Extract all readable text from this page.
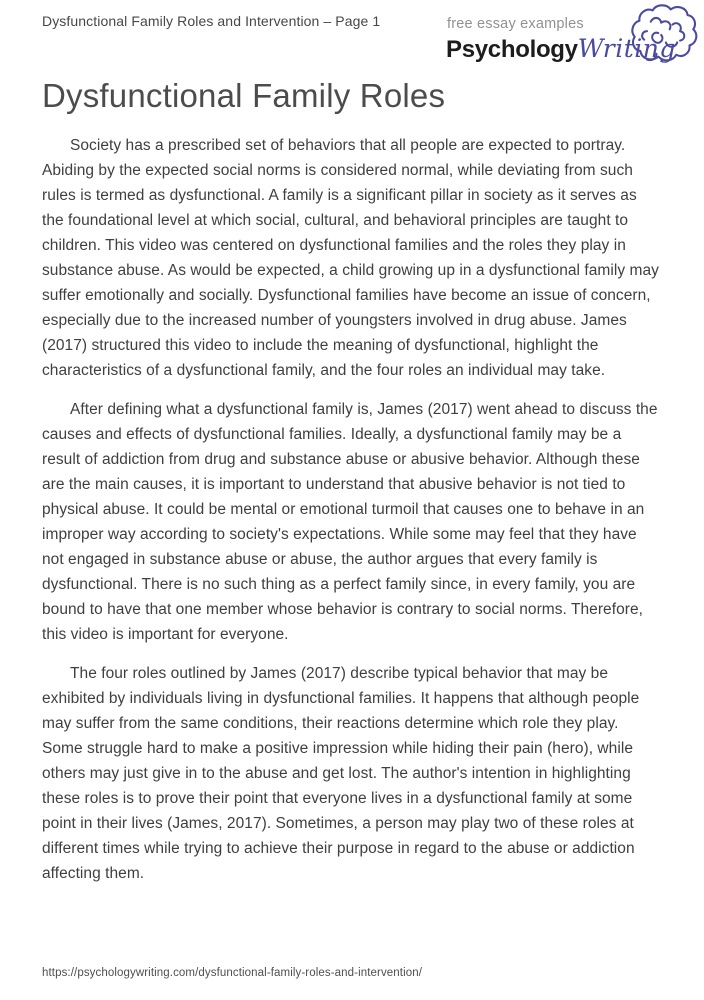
Dysfunctional Family Roles and Intervention – Page 1	free essay examples
PsychologyWriting
Dysfunctional Family Roles

Society has a prescribed set of behaviors that all people are expected to portray. Abiding by the expected social norms is considered normal, while deviating from such rules is termed as dysfunctional. A family is a significant pillar in society as it serves as the foundational level at which social, cultural, and behavioral principles are taught to children. This video was centered on dysfunctional families and the roles they play in substance abuse. As would be expected, a child growing up in a dysfunctional family may suffer emotionally and socially. Dysfunctional families have become an issue of concern, especially due to the increased number of youngsters involved in drug abuse. James (2017) structured this video to include the meaning of dysfunctional, highlight the characteristics of a dysfunctional family, and the four roles an individual may take.

After defining what a dysfunctional family is, James (2017) went ahead to discuss the causes and effects of dysfunctional families. Ideally, a dysfunctional family may be a result of addiction from drug and substance abuse or abusive behavior. Although these are the main causes, it is important to understand that abusive behavior is not tied to physical abuse. It could be mental or emotional turmoil that causes one to behave in an improper way according to society's expectations. While some may feel that they have not engaged in substance abuse or abuse, the author argues that every family is dysfunctional. There is no such thing as a perfect family since, in every family, you are bound to have that one member whose behavior is contrary to social norms. Therefore, this video is important for everyone.

The four roles outlined by James (2017) describe typical behavior that may be exhibited by individuals living in dysfunctional families. It happens that although people may suffer from the same conditions, their reactions determine which role they play. Some struggle hard to make a positive impression while hiding their pain (hero), while others may just give in to the abuse and get lost. The author's intention in highlighting these roles is to prove their point that everyone lives in a dysfunctional family at some point in their lives (James, 2017). Sometimes, a person may play two of these roles at different times while trying to achieve their purpose in regard to the abuse or addiction affecting them.

https://psychologywriting.com/dysfunctional-family-roles-and-intervention/
